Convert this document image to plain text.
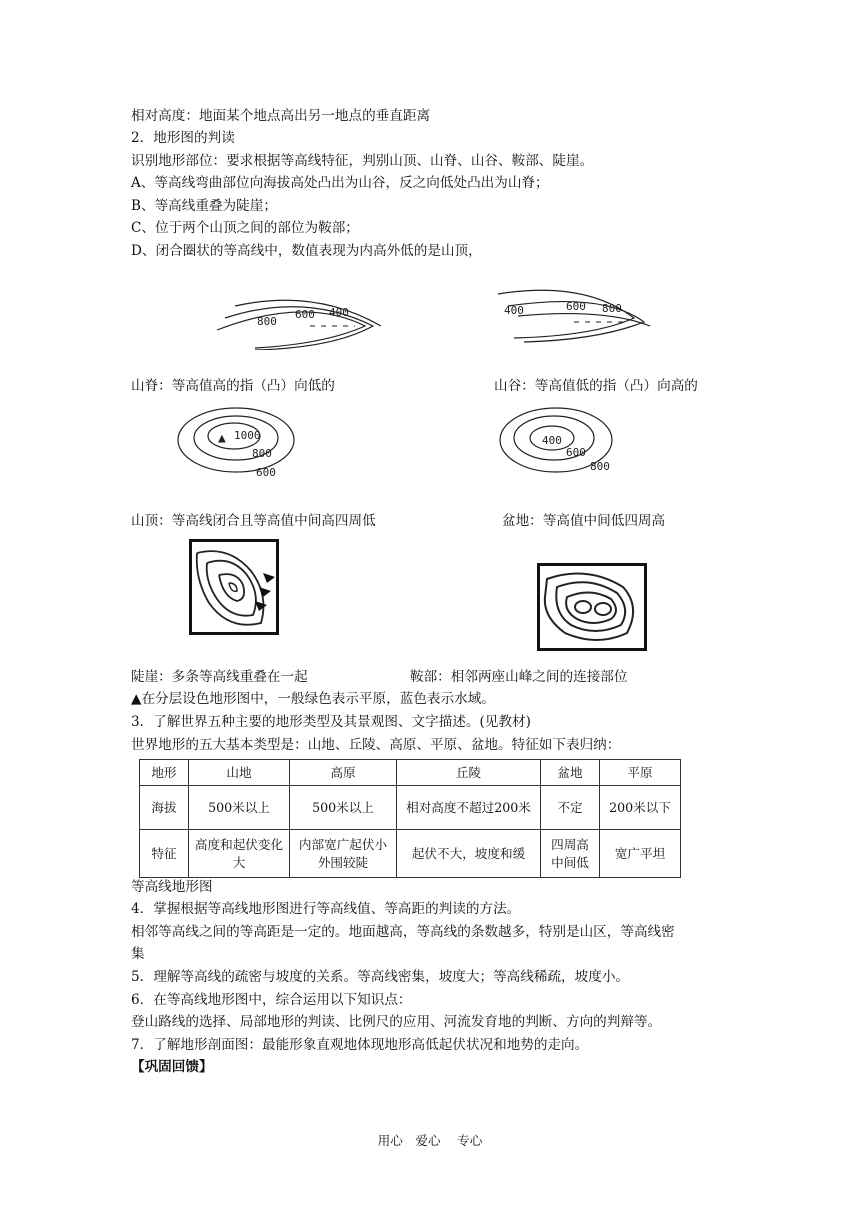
相对高度：地面某个地点高出另一地点的垂直距离
2．地形图的判读
识别地形部位：要求根据等高线特征，判别山顶、山脊、山谷、鞍部、陡崖。
A、等高线弯曲部位向海拔高处凸出为山谷，反之向低处凸出为山脊；
B、等高线重叠为陡崖；
C、位于两个山顶之间的部位为鞍部；
D、闭合圈状的等高线中，数值表现为内高外低的是山顶，
800
600 400	400	600 800
山脊：等高值高的指（凸）向低的	山谷：等高值低的指（凸）向高的
▲ 1000
800
600
400
600
800
山顶：等高线闭合且等高值中间高四周低	盆地：等高值中间低四周高
陡崖：多条等高线重叠在一起	鞍部：相邻两座山峰之间的连接部位
▲在分层设色地形图中，一般绿色表示平原，蓝色表示水域。
3．了解世界五种主要的地形类型及其景观图、文字描述。(见教材)
世界地形的五大基本类型是：山地、丘陵、高原、平原、盆地。特征如下表归纳：
地形	山地	高原	丘陵	盆地	平原
海拔	500米以上	500米以上	相对高度不超过200米	不定	200米以下
特征	高度和起伏变化大	内部宽广起伏小外围较陡	起伏不大，坡度和缓	四周高中间低	宽广平坦
等高线地形图
4．掌握根据等高线地形图进行等高线值、等高距的判读的方法。
相邻等高线之间的等高距是一定的。地面越高，等高线的条数越多，特别是山区，等高线密
集
5．理解等高线的疏密与坡度的关系。等高线密集，坡度大；等高线稀疏，坡度小。
6．在等高线地形图中，综合运用以下知识点：
登山路线的选择、局部地形的判读、比例尺的应用、河流发育地的判断、方向的判辩等。
7．了解地形剖面图：最能形象直观地体现地形高低起伏状况和地势的走向。
【巩固回馈】
用心　爱心　 专心
